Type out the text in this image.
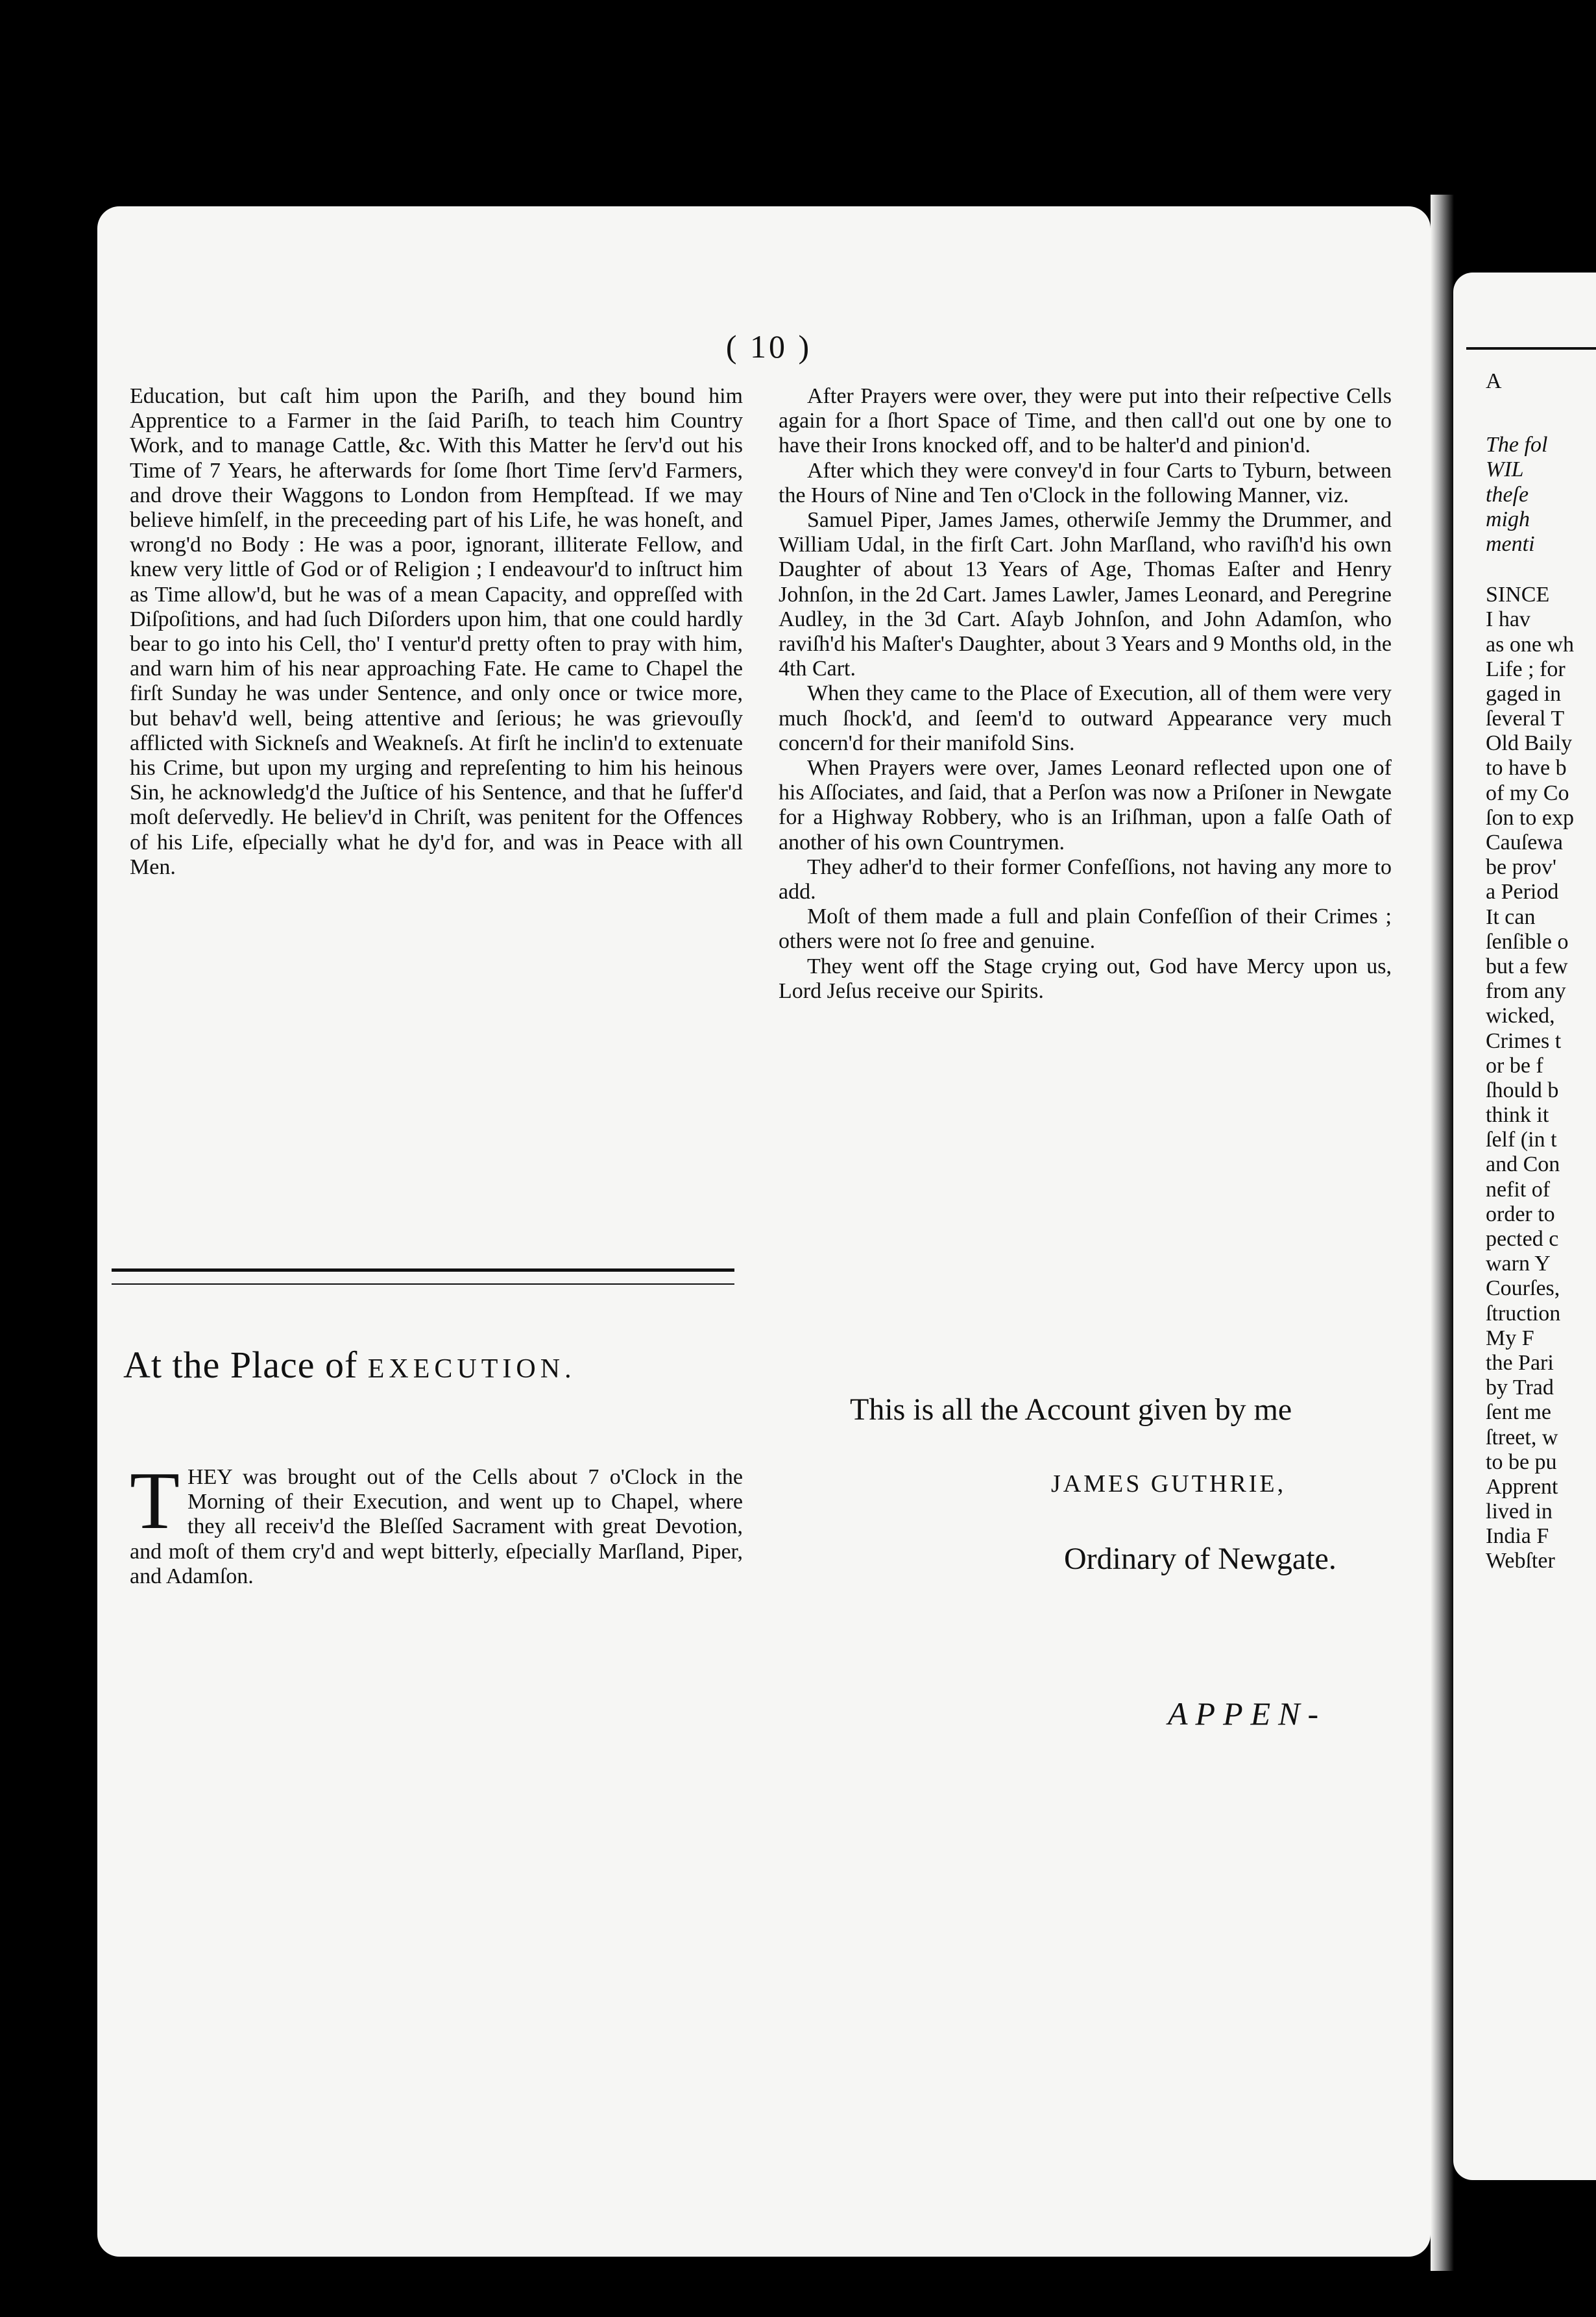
( 10 )

Education, but caſt him upon the Pariſh, and they bound him Apprentice to a Farmer in the ſaid Pariſh, to teach him Country Work, and to manage Cattle, &c. With this Matter he ſerv'd out his Time of 7 Years, he afterwards for ſome ſhort Time ſerv'd Farmers, and drove their Waggons to London from Hempſtead. If we may believe himſelf, in the preceeding part of his Life, he was honeſt, and wrong'd no Body : He was a poor, ignorant, illiterate Fellow, and knew very little of God or of Religion ; I endeavour'd to inſtruct him as Time allow'd, but he was of a mean Capacity, and oppreſſed with Diſpoſitions, and had ſuch Diſorders upon him, that one could hardly bear to go into his Cell, tho' I ventur'd pretty often to pray with him, and warn him of his near approaching Fate. He came to Chapel the firſt Sunday he was under Sentence, and only once or twice more, but behav'd well, being attentive and ſerious; he was grievouſly afflicted with Sickneſs and Weakneſs. At firſt he inclin'd to extenuate his Crime, but upon my urging and repreſenting to him his heinous Sin, he acknowledg'd the Juſtice of his Sentence, and that he ſuffer'd moſt deſervedly. He believ'd in Chriſt, was penitent for the Offences of his Life, eſpecially what he dy'd for, and was in Peace with all Men.

At the Place of EXECUTION.
T HEY was brought out of the Cells about 7 o'Clock in the Morning of their Execution, and went up to Chapel, where they all receiv'd the Bleſſed Sacrament with great Devotion, and moſt of them cry'd and wept bitterly, eſpecially Marſland, Piper, and Adamſon.

After Prayers were over, they were put into their reſpective Cells again for a ſhort Space of Time, and then call'd out one by one to have their Irons knocked off, and to be halter'd and pinion'd.

After which they were convey'd in four Carts to Tyburn, between the Hours of Nine and Ten o'Clock in the following Manner, viz.

Samuel Piper, James James, otherwiſe Jemmy the Drummer, and William Udal, in the firſt Cart. John Marſland, who raviſh'd his own Daughter of about 13 Years of Age, Thomas Eaſter and Henry Johnſon, in the 2d Cart. James Lawler, James Leonard, and Peregrine Audley, in the 3d Cart. Aſayb Johnſon, and John Adamſon, who raviſh'd his Maſter's Daughter, about 3 Years and 9 Months old, in the 4th Cart.

When they came to the Place of Execution, all of them were very much ſhock'd, and ſeem'd to outward Appearance very much concern'd for their manifold Sins.

When Prayers were over, James Leonard reflected upon one of his Aſſociates, and ſaid, that a Perſon was now a Priſoner in Newgate for a Highway Robbery, who is an Iriſhman, upon a falſe Oath of another of his own Countrymen.

They adher'd to their former Confeſſions, not having any more to add.

Moſt of them made a full and plain Confeſſion of their Crimes ; others were not ſo free and genuine.

They went off the Stage crying out, God have Mercy upon us, Lord Jeſus receive our Spirits.

This is all the Account given by me
JAMES GUTHRIE,
Ordinary of Newgate.
APPEN-
A
The fol
WIL
theſe
migh
menti
SINCE
I hav
as one wh
Life ; for
gaged in
ſeveral T
Old Baily
to have b
of my Co
ſon to exp
Cauſewa
be prov'
a Period
It can
ſenſible o
but a few
from any
wicked,
Crimes t
or be f
ſhould b
think it
ſelf (in t
and Con
nefit of
order to
pected c
warn Y
Courſes,
ſtruction
My F
the Pari
by Trad
ſent me
ſtreet, w
to be pu
Apprent
lived in
India F
Webſter
